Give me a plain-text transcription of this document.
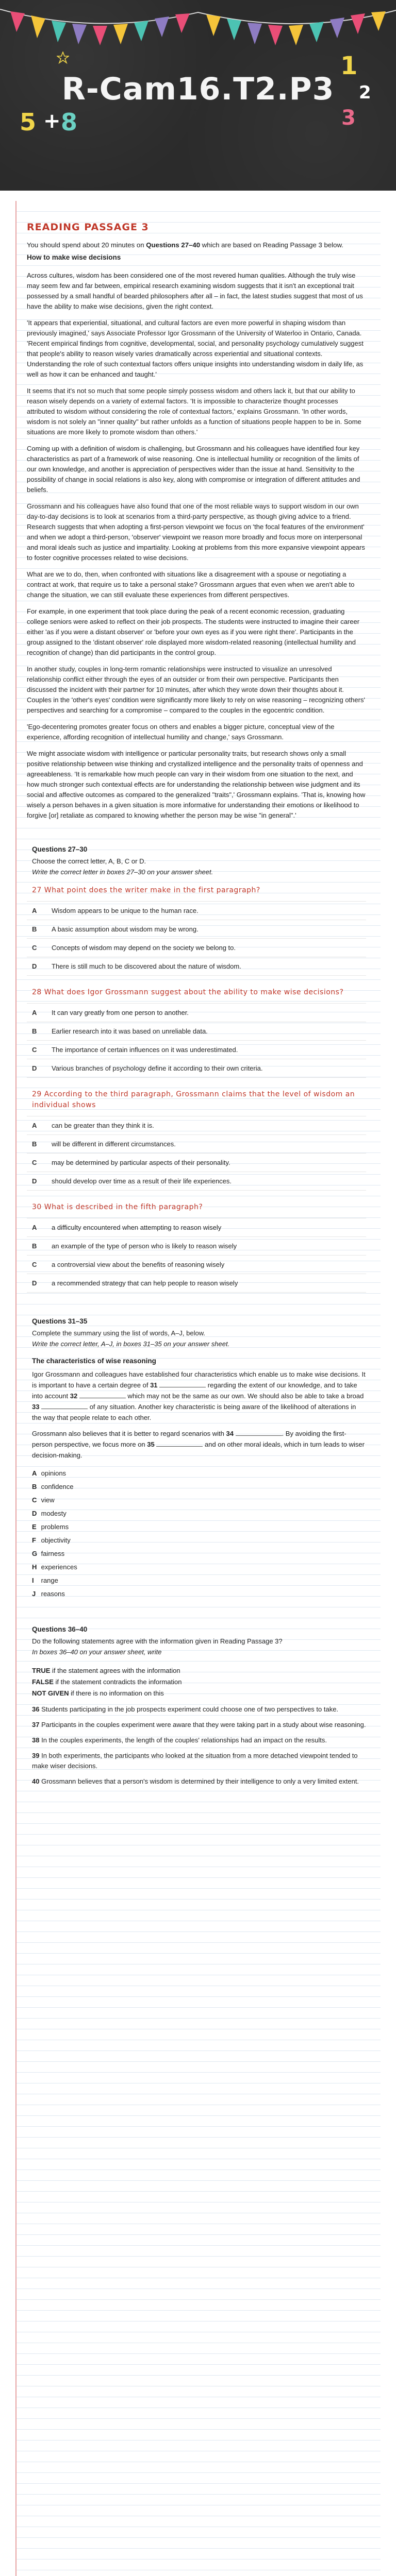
R-Cam16.T2.P3
5 + 8
1
2
3
READING PASSAGE 3

You should spend about 20 minutes on Questions 27–40 which are based on Reading Passage 3 below.

How to make wise decisions

Across cultures, wisdom has been considered one of the most revered human qualities. Although the truly wise may seem few and far between, empirical research examining wisdom suggests that it isn't an exceptional trait possessed by a small handful of bearded philosophers after all – in fact, the latest studies suggest that most of us have the ability to make wise decisions, given the right context.

'It appears that experiential, situational, and cultural factors are even more powerful in shaping wisdom than previously imagined,' says Associate Professor Igor Grossmann of the University of Waterloo in Ontario, Canada. 'Recent empirical findings from cognitive, developmental, social, and personality psychology cumulatively suggest that people's ability to reason wisely varies dramatically across experiential and situational contexts. Understanding the role of such contextual factors offers unique insights into understanding wisdom in daily life, as well as how it can be enhanced and taught.'

It seems that it's not so much that some people simply possess wisdom and others lack it, but that our ability to reason wisely depends on a variety of external factors. 'It is impossible to characterize thought processes attributed to wisdom without considering the role of contextual factors,' explains Grossmann. 'In other words, wisdom is not solely an "inner quality" but rather unfolds as a function of situations people happen to be in. Some situations are more likely to promote wisdom than others.'

Coming up with a definition of wisdom is challenging, but Grossmann and his colleagues have identified four key characteristics as part of a framework of wise reasoning. One is intellectual humility or recognition of the limits of our own knowledge, and another is appreciation of perspectives wider than the issue at hand. Sensitivity to the possibility of change in social relations is also key, along with compromise or integration of different attitudes and beliefs.

Grossmann and his colleagues have also found that one of the most reliable ways to support wisdom in our own day-to-day decisions is to look at scenarios from a third-party perspective, as though giving advice to a friend. Research suggests that when adopting a first-person viewpoint we focus on 'the focal features of the environment' and when we adopt a third-person, 'observer' viewpoint we reason more broadly and focus more on interpersonal and moral ideals such as justice and impartiality. Looking at problems from this more expansive viewpoint appears to foster cognitive processes related to wise decisions.

What are we to do, then, when confronted with situations like a disagreement with a spouse or negotiating a contract at work, that require us to take a personal stake? Grossmann argues that even when we aren't able to change the situation, we can still evaluate these experiences from different perspectives.

For example, in one experiment that took place during the peak of a recent economic recession, graduating college seniors were asked to reflect on their job prospects. The students were instructed to imagine their career either 'as if you were a distant observer' or 'before your own eyes as if you were right there'. Participants in the group assigned to the 'distant observer' role displayed more wisdom-related reasoning (intellectual humility and recognition of change) than did participants in the control group.

In another study, couples in long-term romantic relationships were instructed to visualize an unresolved relationship conflict either through the eyes of an outsider or from their own perspective. Participants then discussed the incident with their partner for 10 minutes, after which they wrote down their thoughts about it. Couples in the 'other's eyes' condition were significantly more likely to rely on wise reasoning – recognizing others' perspectives and searching for a compromise – compared to the couples in the egocentric condition.

'Ego-decentering promotes greater focus on others and enables a bigger picture, conceptual view of the experience, affording recognition of intellectual humility and change,' says Grossmann.

We might associate wisdom with intelligence or particular personality traits, but research shows only a small positive relationship between wise thinking and crystallized intelligence and the personality traits of openness and agreeableness. 'It is remarkable how much people can vary in their wisdom from one situation to the next, and how much stronger such contextual effects are for understanding the relationship between wise judgment and its social and affective outcomes as compared to the generalized "traits",' Grossmann explains. 'That is, knowing how wisely a person behaves in a given situation is more informative for understanding their emotions or likelihood to forgive [or] retaliate as compared to knowing whether the person may be wise "in general".'

Questions 27–30

Choose the correct letter, A, B, C or D.

Write the correct letter in boxes 27–30 on your answer sheet.

27 What point does the writer make in the first paragraph?

A	Wisdom appears to be unique to the human race.
B	A basic assumption about wisdom may be wrong.
C	Concepts of wisdom may depend on the society we belong to.
D	There is still much to be discovered about the nature of wisdom.

28 What does Igor Grossmann suggest about the ability to make wise decisions?

A	It can vary greatly from one person to another.
B	Earlier research into it was based on unreliable data.
C	The importance of certain influences on it was underestimated.
D	Various branches of psychology define it according to their own criteria.

29 According to the third paragraph, Grossmann claims that the level of wisdom an individual shows

A	can be greater than they think it is.
B	will be different in different circumstances.
C	may be determined by particular aspects of their personality.
D	should develop over time as a result of their life experiences.

30 What is described in the fifth paragraph?

A	a difficulty encountered when attempting to reason wisely
B	an example of the type of person who is likely to reason wisely
C	a controversial view about the benefits of reasoning wisely
D	a recommended strategy that can help people to reason wisely

Questions 31–35

Complete the summary using the list of words, A–J, below.

Write the correct letter, A–J, in boxes 31–35 on your answer sheet.

The characteristics of wise reasoning

Igor Grossmann and colleagues have established four characteristics which enable us to make wise decisions. It is important to have a certain degree of 31	regarding the extent of our knowledge, and to take into account 32	which may not be the same as our own. We should also be able to take a broad 33	of any situation. Another key characteristic is being aware of the likelihood of alterations in the way that people relate to each other.

Grossmann also believes that it is better to regard scenarios with 34	. By avoiding the first-person perspective, we focus more on 35	and on other moral ideals, which in turn leads to wiser decision-making.

A opinions
B confidence
C view
D modesty
E problems
F objectivity
G fairness
H experiences
I range
J reasons

Questions 36–40

Do the following statements agree with the information given in Reading Passage 3?

In boxes 36–40 on your answer sheet, write

TRUE if the statement agrees with the information
FALSE if the statement contradicts the information
NOT GIVEN if there is no information on this

36 Students participating in the job prospects experiment could choose one of two perspectives to take.

37 Participants in the couples experiment were aware that they were taking part in a study about wise reasoning.

38 In the couples experiments, the length of the couples' relationships had an impact on the results.

39 In both experiments, the participants who looked at the situation from a more detached viewpoint tended to make wiser decisions.

40 Grossmann believes that a person's wisdom is determined by their intelligence to only a very limited extent.
